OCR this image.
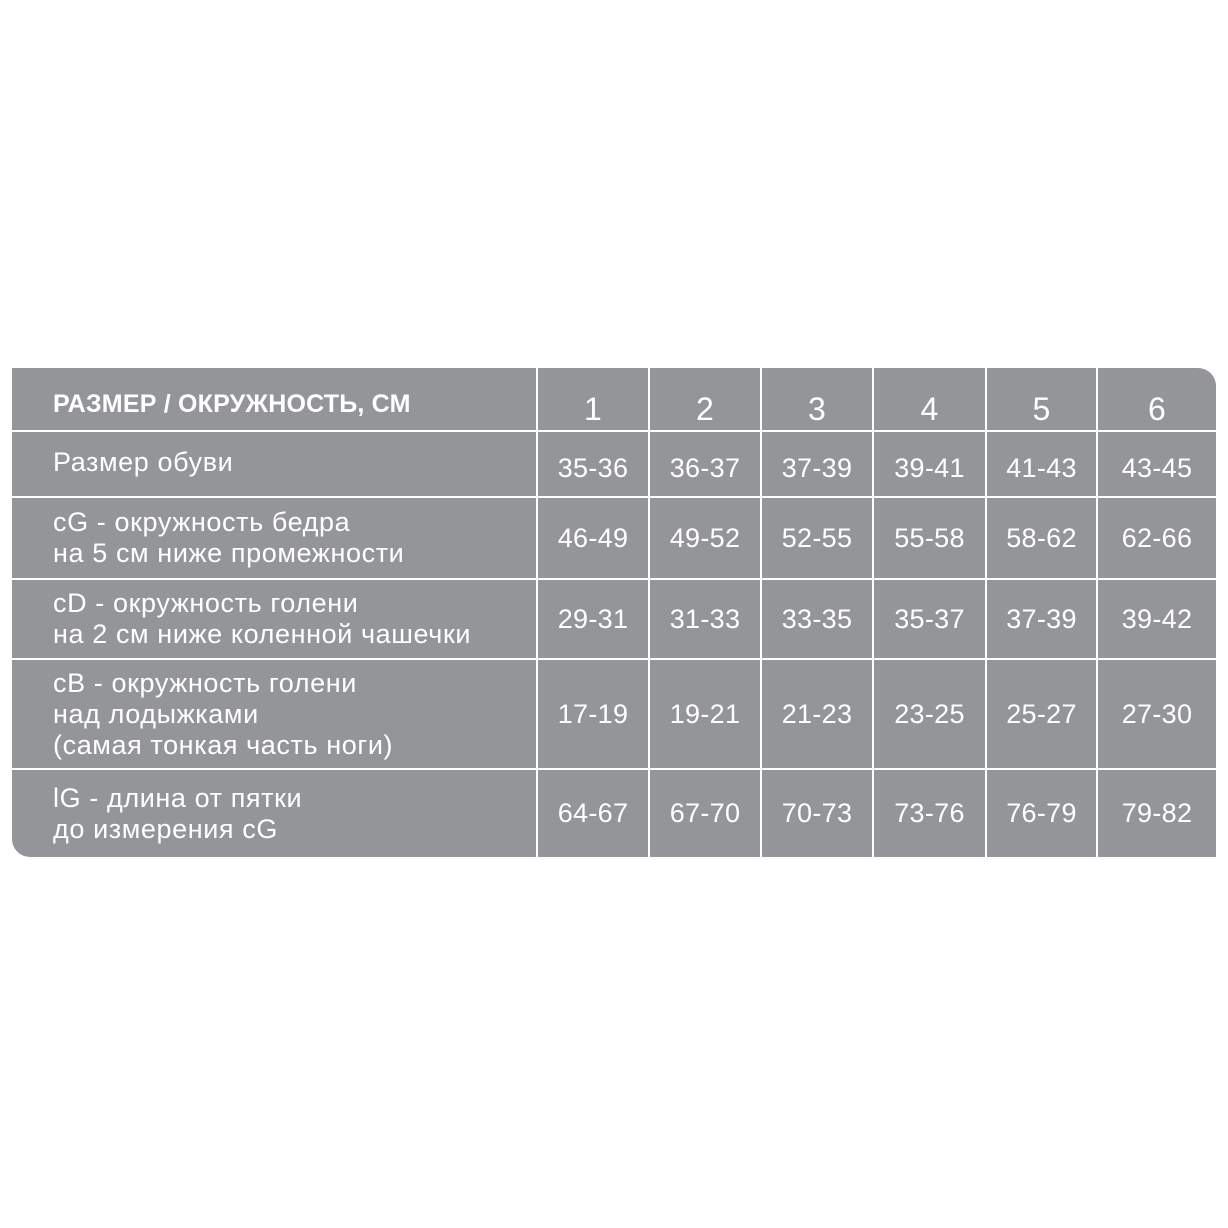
РАЗМЕР / ОКРУЖНОСТЬ, СМ	1	2	3	4	5	6
Размер обуви	35-36	36-37	37-39	39-41	41-43	43-45
cG - окружность бедра
на 5 см ниже промежности
46-49	49-52	52-55	55-58	58-62	62-66
cD - окружность голени
на 2 см ниже коленной чашечки
29-31	31-33	33-35	35-37	37-39	39-42
cB - окружность голени
над лодыжками
(самая тонкая часть ноги)
17-19	19-21	21-23	23-25	25-27	27-30
lG - длина от пятки
до измерения cG
64-67	67-70	70-73	73-76	76-79	79-82
